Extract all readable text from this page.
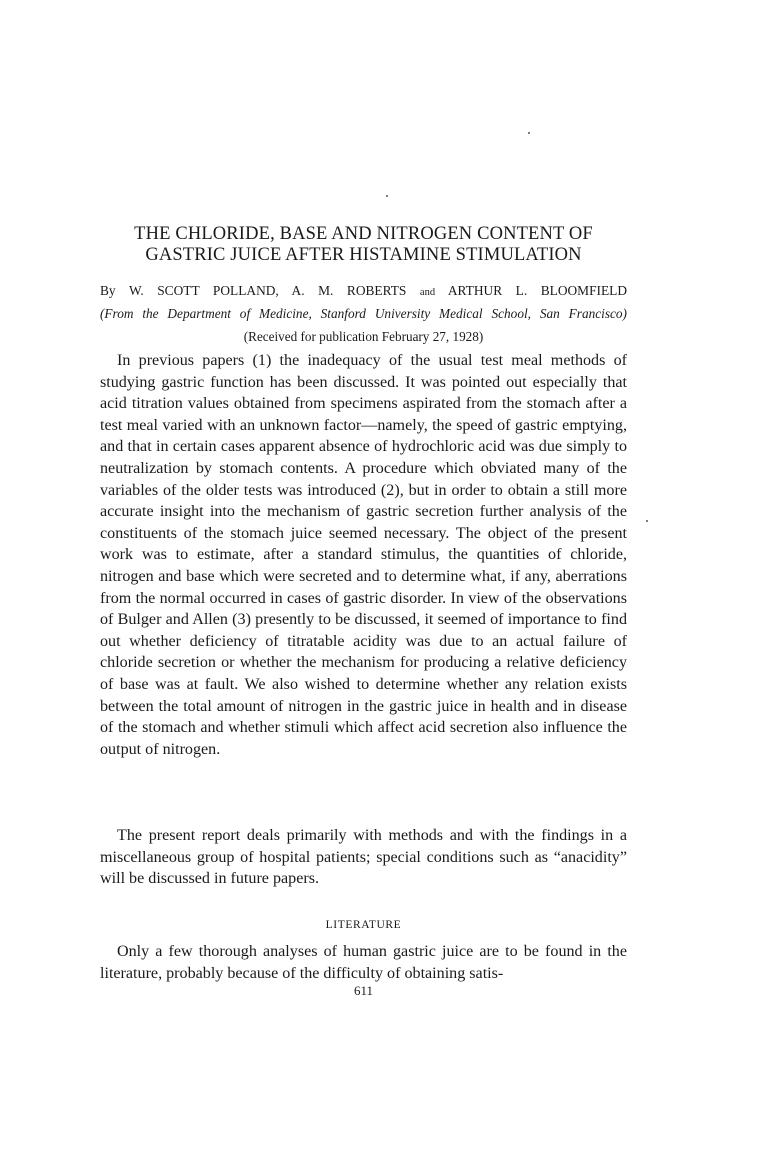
THE CHLORIDE, BASE AND NITROGEN CONTENT OF
GASTRIC JUICE AFTER HISTAMINE STIMULATION
By W. SCOTT POLLAND, A. M. ROBERTS and ARTHUR L. BLOOMFIELD
(From the Department of Medicine, Stanford University Medical School, San Francisco)
(Received for publication February 27, 1928)

In previous papers (1) the inadequacy of the usual test meal methods of studying gastric function has been discussed. It was pointed out especially that acid titration values obtained from specimens aspirated from the stomach after a test meal varied with an unknown factor—namely, the speed of gastric emptying, and that in certain cases apparent absence of hydrochloric acid was due simply to neutralization by stomach contents. A procedure which obviated many of the variables of the older tests was introduced (2), but in order to obtain a still more accurate insight into the mechanism of gastric secretion further analysis of the constituents of the stomach juice seemed necessary. The object of the present work was to estimate, after a standard stimulus, the quantities of chloride, nitrogen and base which were secreted and to determine what, if any, aberrations from the normal occurred in cases of gastric disorder. In view of the observations of Bulger and Allen (3) presently to be discussed, it seemed of importance to find out whether deficiency of titratable acidity was due to an actual failure of chloride secretion or whether the mechanism for producing a relative deficiency of base was at fault. We also wished to determine whether any relation exists between the total amount of nitrogen in the gastric juice in health and in disease of the stomach and whether stimuli which affect acid secretion also influence the output of nitrogen.

The present report deals primarily with methods and with the findings in a miscellaneous group of hospital patients; special conditions such as “anacidity” will be discussed in future papers.

LITERATURE

Only a few thorough analyses of human gastric juice are to be found in the literature, probably because of the difficulty of obtaining satis-

611
